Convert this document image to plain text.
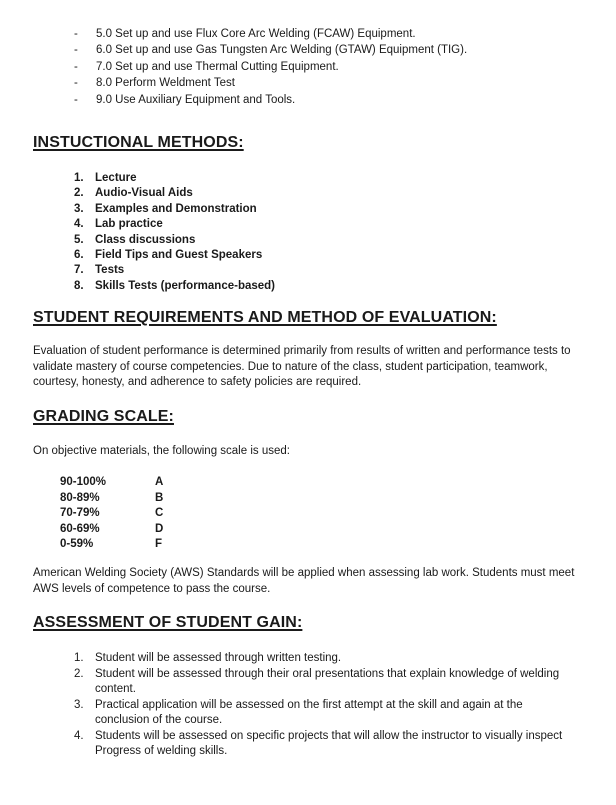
- 5.0 Set up and use Flux Core Arc Welding (FCAW) Equipment.
- 6.0 Set up and use Gas Tungsten Arc Welding (GTAW) Equipment (TIG).
- 7.0 Set up and use Thermal Cutting Equipment.
- 8.0 Perform Weldment Test
- 9.0 Use Auxiliary Equipment and Tools.
INSTUCTIONAL METHODS:
1. Lecture
2. Audio-Visual Aids
3. Examples and Demonstration
4. Lab practice
5. Class discussions
6. Field Tips and Guest Speakers
7. Tests
8. Skills Tests (performance-based)
STUDENT REQUIREMENTS AND METHOD OF EVALUATION:

Evaluation of student performance is determined primarily from results of written and performance tests to validate mastery of course competencies. Due to nature of the class, student participation, teamwork, courtesy, honesty, and adherence to safety policies are required.

GRADING SCALE:

On objective materials, the following scale is used:

90-100%	A
80-89%	B
70-79%	C
60-69%	D
0-59%	F

American Welding Society (AWS) Standards will be applied when assessing lab work. Students must meet AWS levels of competence to pass the course.

ASSESSMENT OF STUDENT GAIN:
1. Student will be assessed through written testing.
2. Student will be assessed through their oral presentations that explain knowledge of welding content.
3. Practical application will be assessed on the first attempt at the skill and again at the conclusion of the course.
4. Students will be assessed on specific projects that will allow the instructor to visually inspect Progress of welding skills.
